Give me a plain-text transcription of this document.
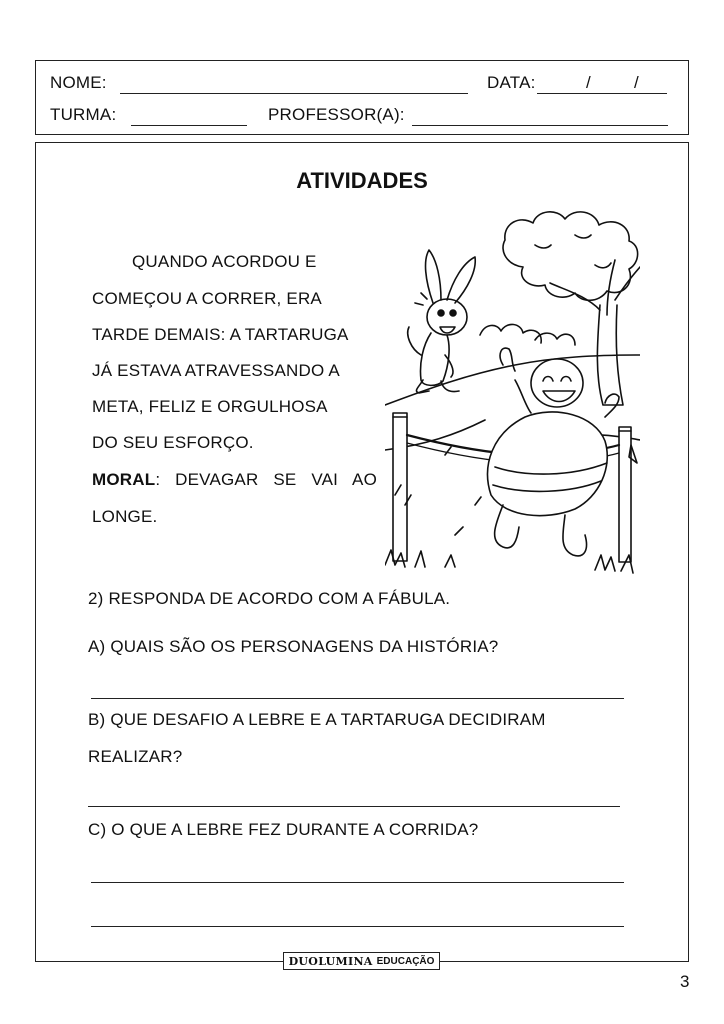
NOME:	DATA:	/	/
TURMA:	PROFESSOR(A):
ATIVIDADES
QUANDO ACORDOU E
COMEÇOU A CORRER, ERA
TARDE DEMAIS: A TARTARUGA
JÁ ESTAVA ATRAVESSANDO A
META, FELIZ E ORGULHOSA
DO SEU ESFORÇO.
MORAL: DEVAGAR SE VAI AO
LONGE.
2) RESPONDA DE ACORDO COM A FÁBULA.
A) QUAIS SÃO OS PERSONAGENS DA HISTÓRIA?
B) QUE DESAFIO A LEBRE E A TARTARUGA DECIDIRAM
REALIZAR?
C) O QUE A LEBRE FEZ DURANTE A CORRIDA?
DUOLUMINA EDUCAÇÃO
3
